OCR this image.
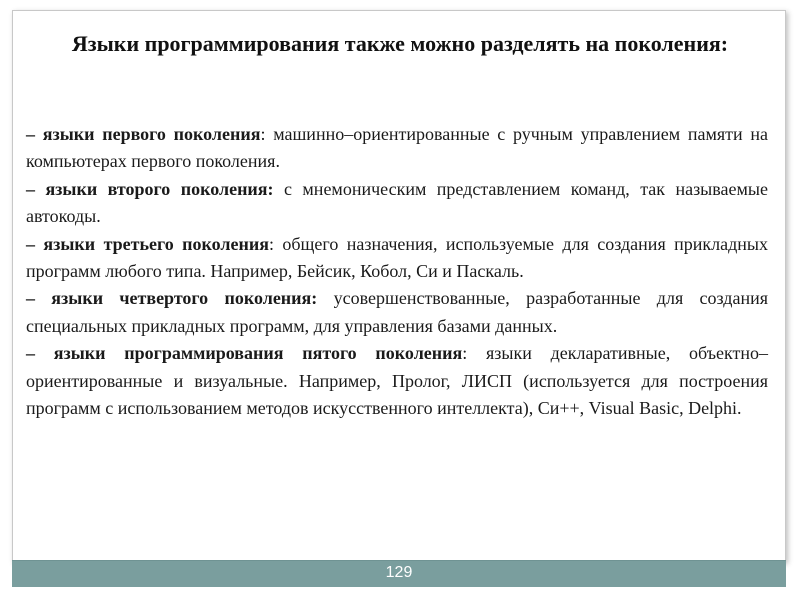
Языки программирования также можно разделять на поколения:

– языки первого поколения: машинно–ориентированные с ручным управлением памяти на компьютерах первого поколения.

– языки второго поколения: с мнемоническим представлением команд, так называемые автокоды.

– языки третьего поколения: общего назначения, используемые для создания прикладных программ любого типа. Например, Бейсик, Кобол, Си и Паскаль.

– языки четвертого поколения: усовершенствованные, разработанные для создания специальных прикладных программ, для управления базами данных.

– языки программирования пятого поколения: языки декларативные, объектно–ориентированные и визуальные. Например, Пролог, ЛИСП (используется для построения программ с использованием методов искусственного интеллекта), Си++, Visual Basic, Delphi.

129
